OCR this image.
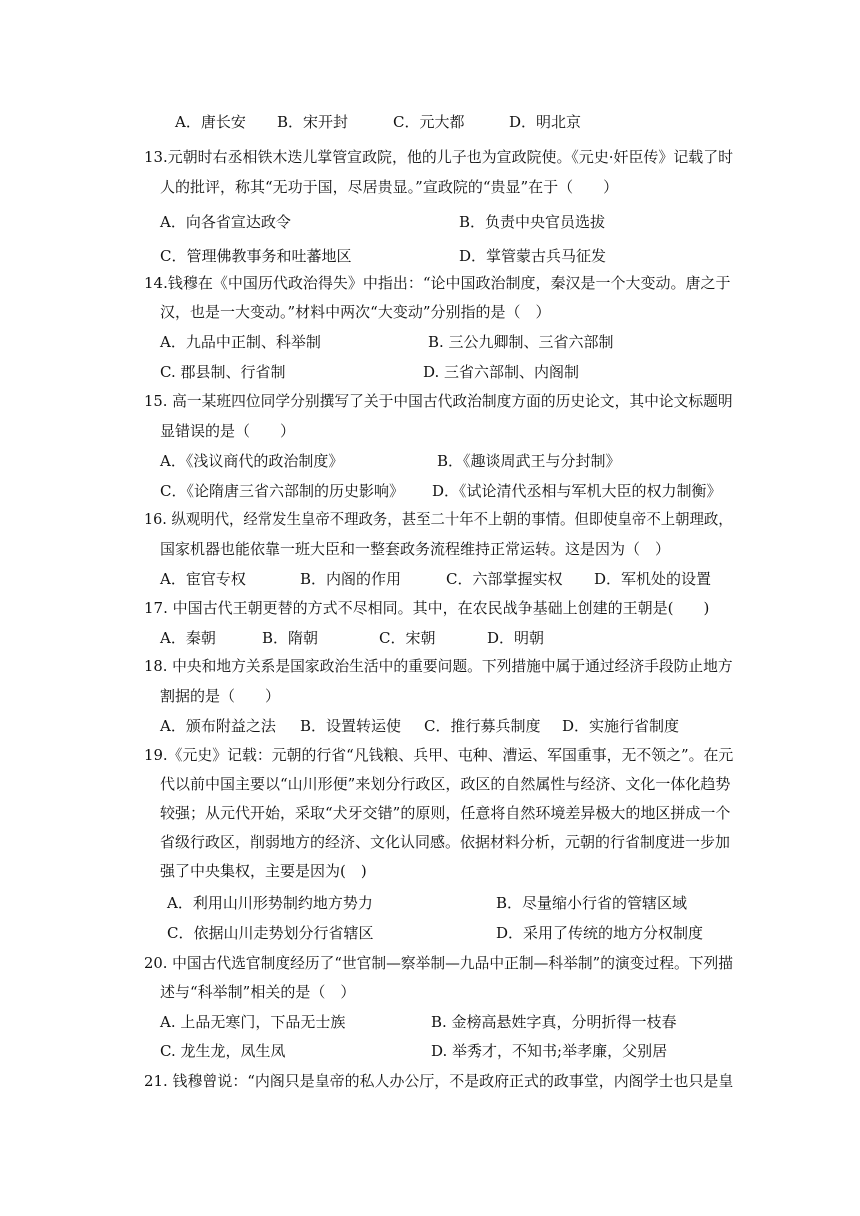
A．唐长安 B．宋开封	C．元大都	D．明北京
13.元朝时右丞相铁木迭儿掌管宣政院，他的儿子也为宣政院使。《元史·奸臣传》记载了时
人的批评，称其“无功于国，尽居贵显。”宣政院的“贵显”在于（　　）
A．向各省宣达政令	B．负责中央官员选拔
C．管理佛教事务和吐蕃地区	D．掌管蒙古兵马征发
14.钱穆在《中国历代政治得失》中指出：“论中国政治制度，秦汉是一个大变动。唐之于
汉，也是一大变动。”材料中两次“大变动”分别指的是（　）
A．九品中正制、科举制	B. 三公九卿制、三省六部制
C. 郡县制、行省制	D. 三省六部制、内阁制
15. 高一某班四位同学分别撰写了关于中国古代政治制度方面的历史论文，其中论文标题明
显错误的是（　　）
A．《浅议商代的政治制度》	B．《趣谈周武王与分封制》
C．《论隋唐三省六部制的历史影响》 D．《试论清代丞相与军机大臣的权力制衡》
16. 纵观明代，经常发生皇帝不理政务，甚至二十年不上朝的事情。但即使皇帝不上朝理政，
国家机器也能依靠一班大臣和一整套政务流程维持正常运转。这是因为（　）
A．宦官专权	B．内阁的作用	C．六部掌握实权 D．军机处的设置
17. 中国古代王朝更替的方式不尽相同。其中，在农民战争基础上创建的王朝是(　　)
A．秦朝	B．隋朝	C．宋朝	D．明朝
18. 中央和地方关系是国家政治生活中的重要问题。下列措施中属于通过经济手段防止地方
割据的是（　　）
A．颁布附益之法 B．设置转运使 C．推行募兵制度 D．实施行省制度
19.《元史》记载：元朝的行省“凡钱粮、兵甲、屯种、漕运、军国重事，无不领之”。在元
代以前中国主要以“山川形便”来划分行政区，政区的自然属性与经济、文化一体化趋势
较强；从元代开始，采取“犬牙交错”的原则，任意将自然环境差异极大的地区拼成一个
省级行政区，削弱地方的经济、文化认同感。依据材料分析，元朝的行省制度进一步加
强了中央集权，主要是因为(　)
A．利用山川形势制约地方势力	B．尽量缩小行省的管辖区域
C．依据山川走势划分行省辖区	D．采用了传统的地方分权制度
20. 中国古代选官制度经历了“世官制—察举制—九品中正制—科举制”的演变过程。下列描
述与“科举制”相关的是（　）
A. 上品无寒门，下品无士族	B. 金榜高悬姓字真，分明折得一枝春
C. 龙生龙，凤生凤	D. 举秀才，不知书;举孝廉，父别居
21. 钱穆曾说：“内阁只是皇帝的私人办公厅，不是政府正式的政事堂，内阁学士也只是皇
